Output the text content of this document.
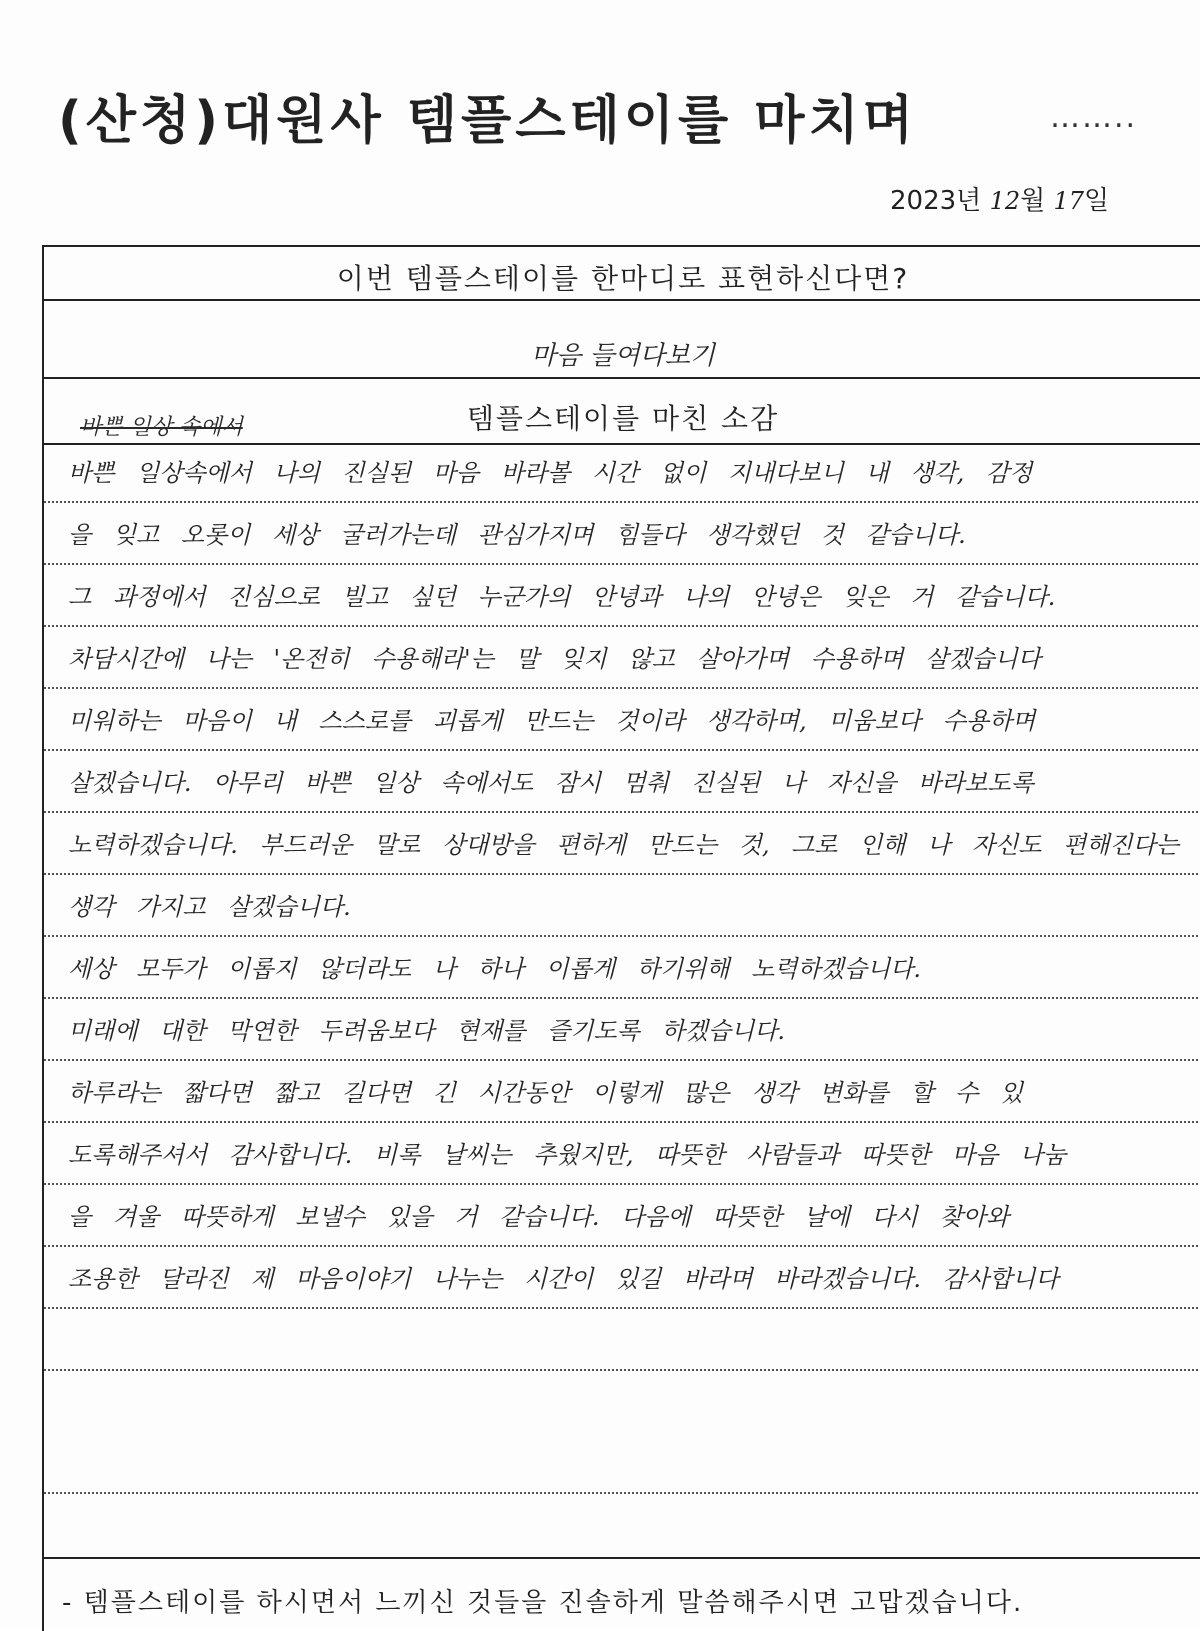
(산청)대원사 템플스테이를 마치며	……..
2023년 12월 17일
이번 템플스테이를 한마디로 표현하신다면?
마음 들여다보기
바쁜 일상 속에서	템플스테이를 마친 소감
바쁜 일상속에서 나의 진실된 마음 바라볼 시간 없이 지내다보니 내 생각, 감정
을 잊고 오롯이 세상 굴러가는데 관심가지며 힘들다 생각했던 것 같습니다.
그 과정에서 진심으로 빌고 싶던 누군가의 안녕과 나의 안녕은 잊은 거 같습니다.
차담시간에 나는 '온전히 수용해라'는 말 잊지 않고 살아가며 수용하며 살겠습니다
미워하는 마음이 내 스스로를 괴롭게 만드는 것이라 생각하며, 미움보다 수용하며
살겠습니다. 아무리 바쁜 일상 속에서도 잠시 멈춰 진실된 나 자신을 바라보도록
노력하겠습니다. 부드러운 말로 상대방을 편하게 만드는 것, 그로 인해 나 자신도 편해진다는
생각 가지고 살겠습니다.
세상 모두가 이롭지 않더라도 나 하나 이롭게 하기위해 노력하겠습니다.
미래에 대한 막연한 두려움보다 현재를 즐기도록 하겠습니다.
하루라는 짧다면 짧고 길다면 긴 시간동안 이렇게 많은 생각 변화를 할 수 있
도록해주셔서 감사합니다. 비록 날씨는 추웠지만, 따뜻한 사람들과 따뜻한 마음 나눔
을 겨울 따뜻하게 보낼수 있을 거 같습니다. 다음에 따뜻한 날에 다시 찾아와
조용한 달라진 제 마음이야기 나누는 시간이 있길 바라며 바라겠습니다. 감사합니다
- 템플스테이를 하시면서 느끼신 것들을 진솔하게 말씀해주시면 고맙겠습니다.
